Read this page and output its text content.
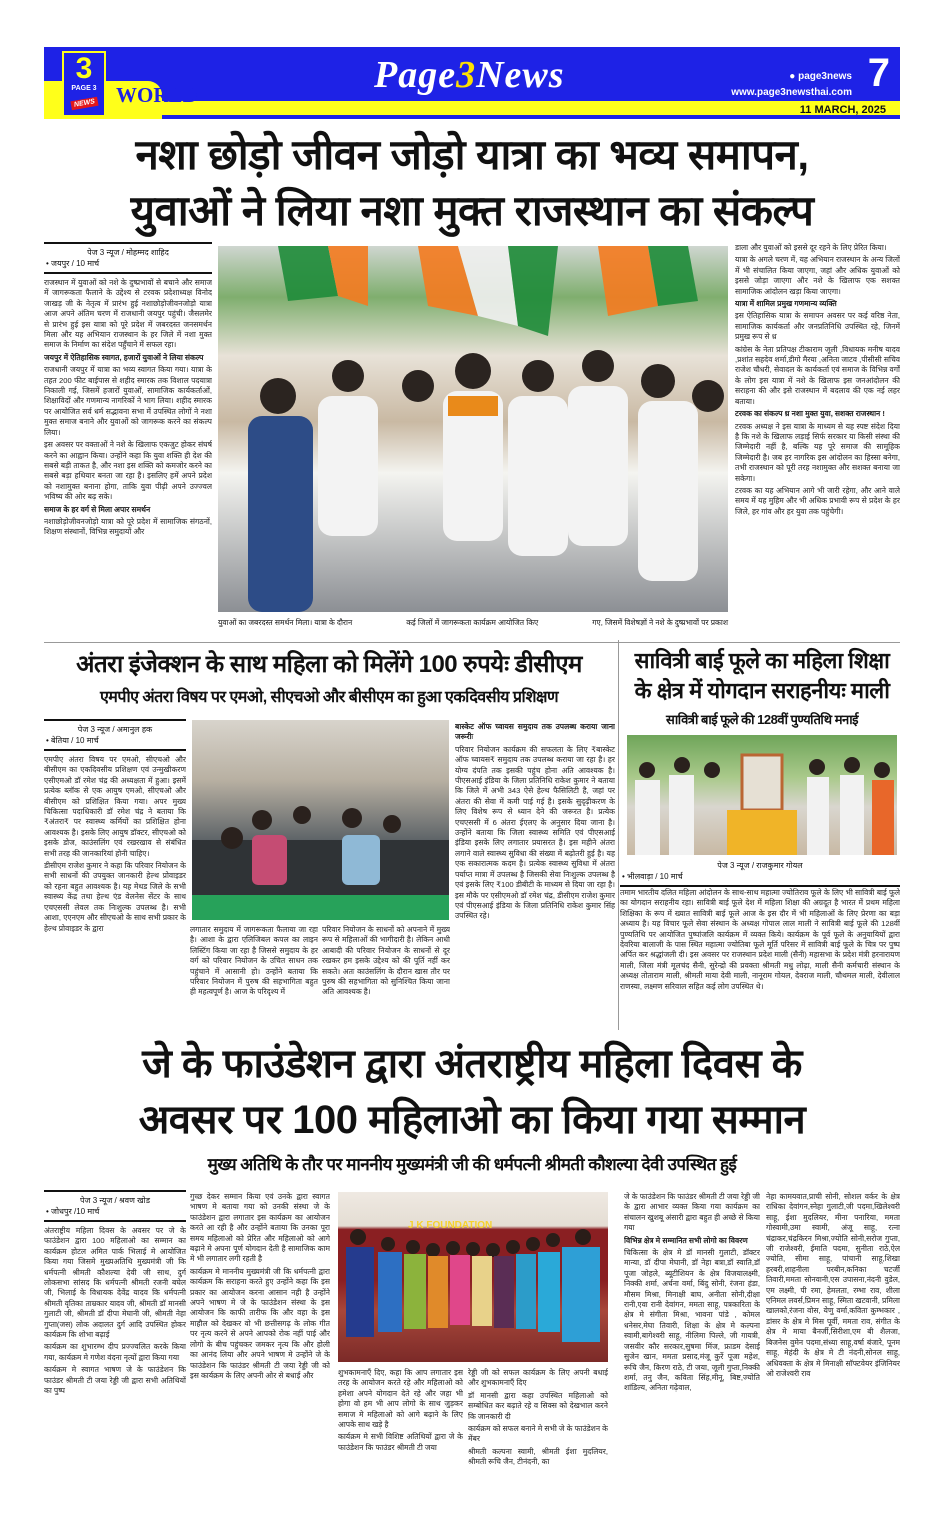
WORLD
3
PAGE 3
NEWS
Page3News	● page3news
www.page3newsthai.com 7
11 MARCH, 2025
नशा छोड़ो जीवन जोड़ो यात्रा का भव्य समापन,
युवाओं ने लिया नशा मुक्त राजस्थान का संकल्प
पेज 3 न्यूज / मोहम्मद शाहिद
• जयपुर / 10 मार्च

राजस्थान में युवाओं को नशे के दुष्प्रभावों से बचाने और समाज में जागरूकता फैलाने के उद्देश्य से टरवक प्रदेशाध्यक्ष विनोद जाखड़ जी के नेतृत्व में प्रारंभ हुई नशाछोड़ोजीवनजोड़ो यात्रा आज अपने अंतिम चरण में राजधानी जयपुर पहुंची। जैसलमेर से प्रारंभ हुई इस यात्रा को पूरे प्रदेश में जबरदस्त जनसमर्थन मिला और यह अभियान राजस्थान के हर जिले में नशा मुक्त समाज के निर्माण का संदेश पहुँचाने में सफल रहा।

जयपुर में ऐतिहासिक स्वागत, हजारों युवाओं ने लिया संकल्प

राजधानी जयपुर में यात्रा का भव्य स्वागत किया गया। यात्रा के तहत 200 फीट बाईपास से शहीद स्मारक तक विशाल पदयात्रा निकाली गई, जिसमें हजारों युवाओं, सामाजिक कार्यकर्ताओं, शिक्षाविदों और गणमान्य नागरिकों ने भाग लिया। शहीद स्मारक पर आयोजित सर्व धर्म सद्भावना सभा में उपस्थित लोगों ने नशा मुक्त समाज बनाने और युवाओं को जागरूक करने का संकल्प लिया।

इस अवसर पर वक्ताओं ने नशे के खिलाफ एकजुट होकर संघर्ष करने का आह्वान किया। उन्होंने कहा कि युवा शक्ति ही देश की सबसे बड़ी ताकत है, और नशा इस शक्ति को कमजोर करने का सबसे बड़ा हथियार बनता जा रहा है। इसलिए हमें अपने प्रदेश को नशामुक्त बनाना होगा, ताकि युवा पीढ़ी अपने उज्ज्वल भविष्य की ओर बढ़ सके।

समाज के हर वर्ग से मिला अपार समर्थन

नशाछोड़ोजीवनजोड़ो यात्रा को पूरे प्रदेश में सामाजिक संगठनों, शिक्षण संस्थानों, विभिन्न समुदायों और

युवाओं का जबरदस्त समर्थन मिला। यात्रा के दौरान	कई जिलों में जागरूकता कार्यक्रम आयोजित किए	गए, जिसमें विशेषज्ञों ने नशे के दुष्प्रभावों पर प्रकाश

डाला और युवाओं को इससे दूर रहने के लिए प्रेरित किया।

यात्रा के अगले चरण में, यह अभियान राजस्थान के अन्य जिलों में भी संचालित किया जाएगा, जहां और अधिक युवाओं को इससे जोड़ा जाएगा और नशे के खिलाफ एक सशक्त सामाजिक आंदोलन खड़ा किया जाएगा।

यात्रा में शामिल प्रमुख गणमान्य व्यक्ति

इस ऐतिहासिक यात्रा के समापन अवसर पर कई वरिष्ठ नेता, सामाजिक कार्यकर्ता और जनप्रतिनिधि उपस्थित रहे, जिनमें प्रमुख रूप से थ्र

कांग्रेस के नेता प्रतिपक्ष टीकाराम जूली ,विधायक मनीष यादव ,प्रशांत सहदेव शर्मा,डीगो मैरया ,अनिता जाटव ,पीसीसी सचिव राजेश चौधरी, सेवादल के कार्यकर्ता एवं समाज के विभिन्न वर्गों के लोग इस यात्रा में नशे के खिलाफ इस जनआंदोलन की सराहना की और इसे राजस्थान में बदलाव की एक नई लहर बताया।

टरवक का संकल्प थ्र नशा मुक्त युवा, सशक्त राजस्थान !

टरवक अध्यक्ष ने इस यात्रा के माध्यम से यह स्पष्ट संदेश दिया है कि नशे के खिलाफ लड़ाई सिर्फ सरकार या किसी संस्था की जिम्मेदारी नहीं है, बल्कि यह पूरे समाज की सामूहिक जिम्मेदारी है। जब हर नागरिक इस आंदोलन का हिस्सा बनेगा, तभी राजस्थान को पूरी तरह नशामुक्त और सशक्त बनाया जा सकेगा।

टरवक का यह अभियान आगे भी जारी रहेगा, और आने वाले समय में यह मुहिम और भी अधिक प्रभावी रूप से प्रदेश के हर जिले, हर गांव और हर युवा तक पहुंचेगी।

अंतरा इंजेक्शन के साथ महिला को मिलेंगे 100 रुपयेः डीसीएम
एमपीए अंतरा विषय पर एमओ, सीएचओ और बीसीएम का हुआ एकदिवसीय प्रशिक्षण
पेज 3 न्यूज / अमानुल हक
• बेतिया / 10 मार्च

एमपीए अंतरा विषय पर एमओ, सीएचओ और बीसीएम का एकदिवसीय प्रशिक्षण एवं उन्मुखीकरण एसीएमओ डॉ रमेश चंद्र की अध्यक्षता में हुआ। इसमें प्रत्येक ब्लॉक से एक आयुष एमओ, सीएचओ और बीसीएम को प्रशिक्षित किया गया। अपर मुख्य चिकित्सा पदाधिकारी डॉ रमेश चंद्र ने बताया कि ₹अंतरा₹ पर स्वास्थ्य कर्मियों का प्रशिक्षित होना आवश्यक है। इसके लिए आयुष डॉक्टर, सीएचओ को इसके डोज, काउंसलिंग एवं रखरखाव से संबंधित सभी तरह की जानकारियां होनी चाहिए।

डीसीएम राजेश कुमार ने कहा कि परिवार नियोजन के सभी साधनों की उपयुक्त जानकारी हेल्थ प्रोवाइडर को रहना बहुत आवश्यक है। यह मेथड जिले के सभी स्वास्थ्य केंद्र तथा हेल्थ एंड वेलनेस सेंटर के साथ एचएससी लेवल तक निःशुल्क उपलब्ध है। सभी आशा, एएनएम और सीएचओ के साथ सभी प्रकार के हेल्थ प्रोवाइडर के द्वारा	लगातार समुदाय में जागरूकता फैलाया जा रहा है। आशा के द्वारा एलिजिबल कपल का लाइन लिस्टिंग किया जा रहा है जिससे समुदाय के हर वर्ग को परिवार नियोजन के उचित साधन तक पहुंचाने में आसानी हो। उन्होंने बताया कि परिवार नियोजन में पुरुष की सहभागिता बहुत ही महत्वपूर्ण है। आज के परिदृश्य में

परिवार नियोजन के साधनों को अपनाने में मुख्य रूप से महिलाओं की भागीदारी है। लेकिन आधी आबादी की परिवार नियोजन के साधनों से दूर रखकर हम इसके उद्देश्य को की पूर्ति नहीं कर सकते। अतः काउंसलिंग के दौरान खास तौर पर पुरुष की सहभागिता को सुनिश्चित किया जाना अति आवश्यक है।

बास्केट ऑफ च्वायस समुदाय तक उपलब्ध कराया जाना जरूरीः

परिवार नियोजन कार्यक्रम की सफलता के लिए ₹बास्केट ऑफ च्वायस₹ समुदाय तक उपलब्ध कराया जा रहा है। हर योग्य दंपति तक इसकी पहुंच होना अति आवश्यक है। पीएसआई इंडिया के जिला प्रतिनिधि राकेश कुमार ने बताया कि जिले में अभी 343 ऐसे हेल्थ फैसिलिटी है, जहां पर अंतरा की सेवा में कमी पाई गई है। इसके सुदृढ़ीकरण के लिए विशेष रूप से ध्यान देने की जरूरत है। प्रत्येक एचएससी में 6 अंतरा ईएलए के अनुसार दिया जाना है। उन्होंने बताया कि जिला स्वास्थ्य समिति एवं पीएसआई इंडिया इसके लिए लगातार प्रयासरत है। इस महीने अंतरा लगाने वाले स्वास्थ्य सुविधा की संख्या में बढ़ोतरी हुई है। यह एक सकारात्मक कदम है। प्रत्येक स्वास्थ्य सुविधा में अंतरा पर्याप्त मात्रा में उपलब्ध है जिसकी सेवा निःशुल्क उपलब्ध है एवं इसके लिए ₹100 डीबीटी के माध्यम से दिया जा रहा है। इस मौके पर एसीएमओ डॉ रमेश चंद्र, डीसीएम राजेश कुमार एवं पीएसआई इंडिया के जिला प्रतिनिधि राकेश कुमार सिंह उपस्थित रहे।

सावित्री बाई फूले का महिला शिक्षा
के क्षेत्र में योगदान सराहनीयः माली
सावित्री बाई फूले की 128वीं पुण्यतिथि मनाई
पेज 3 न्यूज / राजकुमार गोयल
• भीलवाड़ा / 10 मार्च

तमाम भारतीय दलित महिला आंदोलन के साथ-साथ महात्मा ज्योतिराव फूले के लिए भी सावित्री बाई फूले का योगदान सराहनीय रहा। सावित्री बाई फूले देश में महिला शिक्षा की अग्रदूत है भारत में प्रथम महिला शिक्षिका के रूप में ख्यात सावित्री बाई फूले आज के इस दौर में भी महिलाओं के लिए प्रेरणा का बड़ा अध्याय है। यह विचार फूले सेवा संस्थान के अध्यक्ष गोपाल लाल माली ने सावित्री बाई फूले की 128वीं पुण्यतिथि पर आयोजित पुष्पांजलि कार्यक्रम में व्यक्त किये। कार्यक्रम के पूर्व फूले के अनुयायियों द्वारा देवरिया बालाजी के पास स्थित महात्मा ज्योतिबा फूले मूर्ति परिसर में सावित्री बाई फूले के चित्र पर पुष्प अर्पित कर श्रद्धांजली दी। इस अवसर पर राजस्थान प्रदेश माली (सैनी) महासभा के प्रदेश मंत्री हरनारायण माली, जिला मंत्री मूलचंद सैनी, सुरेन्द्रो की प्रवक्ता श्रीमती मधु लोढ़ा, माली सैनी कर्मचारी संस्थान के अध्यक्ष तोताराम माली, श्रीमती माया देवी माली, नानूराम गोयल, देवराज माली, चौथमल माली, देवीलाल राणस्या, लक्ष्मण सरिवाल सहित कई लोग उपस्थित थे।

जे के फाउंडेशन द्वारा अंतराष्ट्रीय महिला दिवस के
अवसर पर 100 महिलाओ का किया गया सम्मान
मुख्य अतिथि के तौर पर माननीय मुख्यमंत्री जी की धर्मपत्नी श्रीमती कौशल्या देवी उपस्थित हुई
पेज 3 न्यूज / श्रवण खोड
• जोधपुर /10 मार्च

अंतराष्ट्रीय महिला दिवस के अवसर पर जे के फाउंडेशन द्वारा 100 महिलाओ का सम्मान का कार्यक्रम होटल अमित पार्क भिलाई मे आयोजित किया गया जिसमे मुख्यअतिथि मुख्यमंत्री जी कि धर्मपत्नी श्रीमती कौशल्या देवी जी साथ, दुर्ग लोकसभा सांसद कि धर्मपत्नी श्रीमती रजनी बघेल जी, भिलाई के विधायक देवेंद्र यादव कि धर्मपत्नी श्रीमती वृतिका ताम्रकार यादव जी, श्रीमती डॉ मानसी गुलाटी जी, श्रीमती डॉ दीपा मेघानी जी, श्रीमती नेहा गुप्ता(जस) लोक अदालत दुर्ग आदि उपस्थित होकर कार्यक्रम कि शोभा बढ़ाई

कार्यक्रम का शुभारम्भ दीप प्रज्ज्वलित करके किया गया, कार्यक्रम मे गणेश वंदना नृत्यों द्वारा किया गया

कार्यक्रम मे स्वागत भाषण जे के फाउंडेशन कि फाउंडर श्रीमती टी जया रेड्डी जी द्वारा सभी अतिथियों का पुष्प

गुच्छ देकर सम्मान किया एवं उनके द्वारा स्वागत भाषण मे बताया गया को उनकी संस्था जे के फाउंडेशन द्वारा लगातार इस कार्यक्रम का आयोजन करते आ रही है और उन्होंने बताया कि उनका पूरा समय महिलाओ को प्रेरित और महिलाओ को आगे बढ़ाने मे अपना पूर्ण योगदान देती है सामाजिक काम मे भी लगातार लगी रहती है

कार्यक्रम मे माननीय मुख्यमंत्री जी कि धर्मपत्नी द्वारा कार्यक्रम कि सराहना करते हुए उन्होंने कहा कि इस प्रकार का आयोजन करना आसान नही है उन्होंने अपने भाषण मे जे के फाउंडेशन संस्था के इस आयोजन कि काफी तारीफ कि और वहा के इस माहौल को देखकर वो भी छत्तीसगढ़ के लोक गीत पर नृत्य करने से अपने आपको रोक नहीं पाई और लोगो के बीच पहुंचकर जमकर नृत्य कि और होली का आनंद लिया और अपने भाषण मे उन्होंने जे के फाउंडेशन कि फाउंडर श्रीमती टी जया रेड्डी जी को इस कार्यक्रम के लिए अपनी ओर से बधाई और

J K FOUNDATION

शुभकामनाएँ दिए, कहा कि आप लगातार इस तरह के आयोजन करते रहे और महिलाओ को हमेशा अपने योगदान देते रहे और जहा भी होगा वो हम भी आप लोगो के साथ जुड़कर समाज मे महिलाओ को आगे बढ़ाने के लिए आपके साथ खड़े है

कार्यक्रम मे सभी विशिष्ट अतिथियों द्वारा जे के फाउंडेशन कि फाउंडर श्रीमती टी जया

रेड्डी जी को सफल कार्यक्रम के लिए अपनी बधाई और शुभकामनाएँ दिए

डॉ मानसी द्वारा कहा उपस्थित महिलाओ को सम्बोधित कर बढ़ाते रहे व सिक्स को देखभाल करने कि जानकारी दी

कार्यक्रम को सफल बनाने मे सभी जे के फाउंडेशन के मेंबर

श्रीमती कल्पना स्वामी, श्रीमती ईशा मुदलियर, श्रीमती रूचि जैन, टीनंदनी, का

जे के फाउंडेशन कि फाउंडर श्रीमती टी जया रेड्डी जी के द्वारा आभार व्यक्त किया गया कार्यक्रम का संचालन खुशबू अंसारी द्वारा बहुत ही अच्छे से किया गया

विभिन्न क्षेत्र मे सम्मानित सभी लोगो का विवरण

चिकित्सा के क्षेत्र मे डॉ मानसी गुलाटी, डॉक्टर मान्या, डॉ दीपा मेघानी, डॉ नेहा बत्रा,डॉ स्वाति,डॉ पूजा जोहले, ब्यूटीशियन के क्षेत्र विजयालक्ष्मी, निक्की शर्मा, अर्चना वर्मा, बिंदु सोनी, रंजना हंडा, मौसम मिश्रा, मिनाक्षी बाघ, अनीता सोनी,दीक्षा रानी,एवा रानी देवांगन, ममता साहू, पत्रकारिता के क्षेत्र मे संगीता मिश्रा, भावना पांडे , कोमल धनेसर,मेघा तिवारी, शिक्षा के क्षेत्र मे कल्पना स्वामी,बागेश्वरी साहू, नीलिमा पिल्ले, जी गायत्री, जसवीर कौर सरकार,सुषमा मिंज, फ्राडम देसाई सुजेन खान, ममता प्रसाद,मंजू कुर्रे पूजा महेश, रूचि जैन, किरण राठे, टी जया, जूली गुप्ता,निक्की शर्मा, तनु जैन, कविता सिंह,मीनू, बिष्ट,ज्योति शांडिल्य, अनिता गढ़ेवाल,

नेहा कामयवात,प्राची सोनी, सोशल वर्कर के क्षेत्र राधिका देवांगन,स्नेहा गुलाटी,जी पदमा,खिलेश्वरी साहू, ईशा मुदलियर, मीना पनारिया, ममता गोस्वामी,उमा स्वामी, अंजू साहू, रत्ना चंद्राकर,चंद्रकिरन मिश्रा,ज्योति सोनी,सरोज गुप्ता, जी राजेश्वरी, ईमाति पदमा, सुनीता राठे,ऐल ज्योति, सीमा साहू, पांचानी साहू,शिखा हरबरी,शाहनीला परबीन,कनिका चटर्जी तिवारी,ममता सोनवानी,एस उपासना,नंदनी वुडेल, एम लक्ष्मी, पी रमा, हेमलता, रम्भा राव, शीला एनिमल लवर्स,प्रिमन साहू, स्मिता खटवानी, प्रमिला खालको,रंजना वोस, येणु वर्मा,कविता कुम्भकार , डांसर के क्षेत्र मे मिस पूर्वी, ममता राव, संगीत के क्षेत्र मे माया बैनर्जी,सिरीशा,एम बी शैलजा, बिजनेस वुमेन पदमा,संध्या साहू,वर्षा बंजारे, पूनम साहू, मेहंदी के क्षेत्र मे टी नंदनी,सोनल साहू, अधिवक्ता के क्षेत्र मे मिनाक्षी सॉफ्टवेयर इंजिनियर ओ राजेश्वरी राव
